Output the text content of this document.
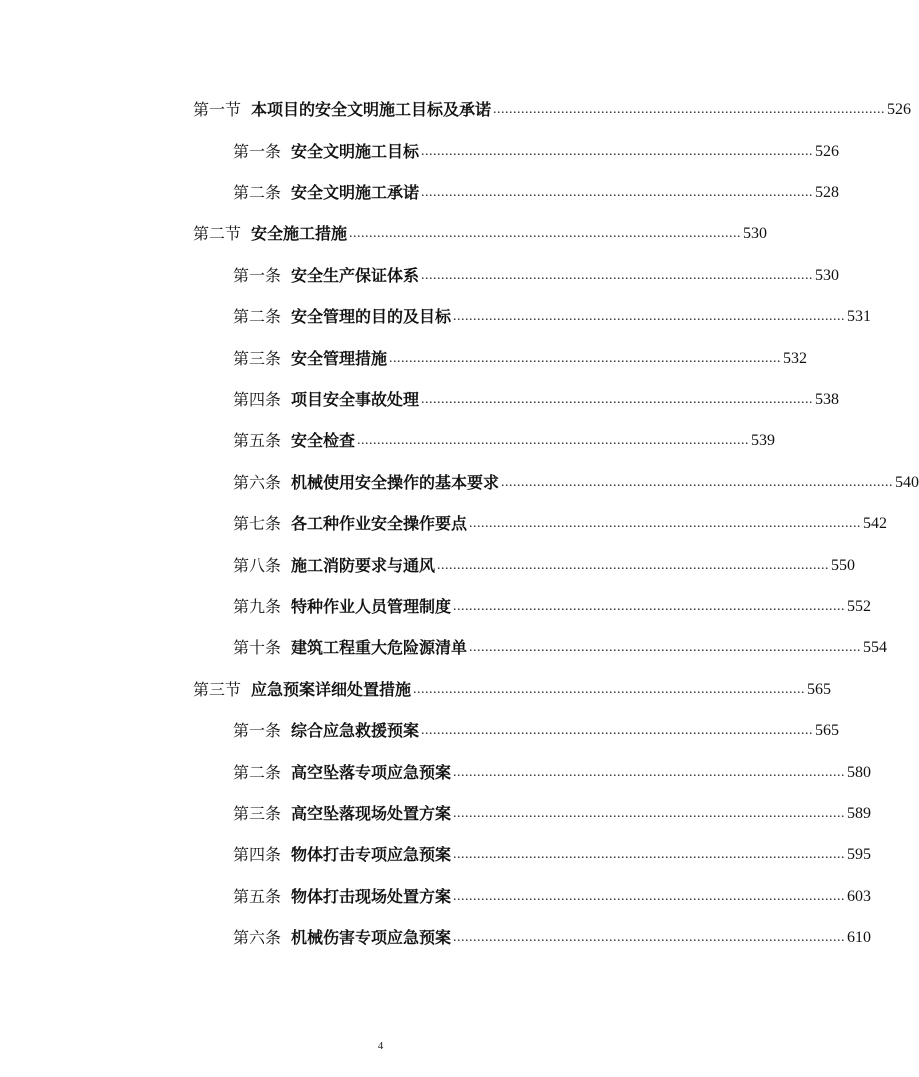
第一节 本项目的安全文明施工目标及承诺 .................................................................................................. 526
第一条 安全文明施工目标 .................................................................................................. 526
第二条 安全文明施工承诺 .................................................................................................. 528
第二节 安全施工措施 .................................................................................................. 530
第一条 安全生产保证体系 .................................................................................................. 530
第二条 安全管理的目的及目标 .................................................................................................. 531
第三条 安全管理措施 .................................................................................................. 532
第四条 项目安全事故处理 .................................................................................................. 538
第五条 安全检查 .................................................................................................. 539
第六条 机械使用安全操作的基本要求 .................................................................................................. 540
第七条 各工种作业安全操作要点 .................................................................................................. 542
第八条 施工消防要求与通风 .................................................................................................. 550
第九条 特种作业人员管理制度 .................................................................................................. 552
第十条 建筑工程重大危险源清单 .................................................................................................. 554
第三节 应急预案详细处置措施 .................................................................................................. 565
第一条 综合应急救援预案 .................................................................................................. 565
第二条 高空坠落专项应急预案 .................................................................................................. 580
第三条 高空坠落现场处置方案 .................................................................................................. 589
第四条 物体打击专项应急预案 .................................................................................................. 595
第五条 物体打击现场处置方案 .................................................................................................. 603
第六条 机械伤害专项应急预案 .................................................................................................. 610
4
